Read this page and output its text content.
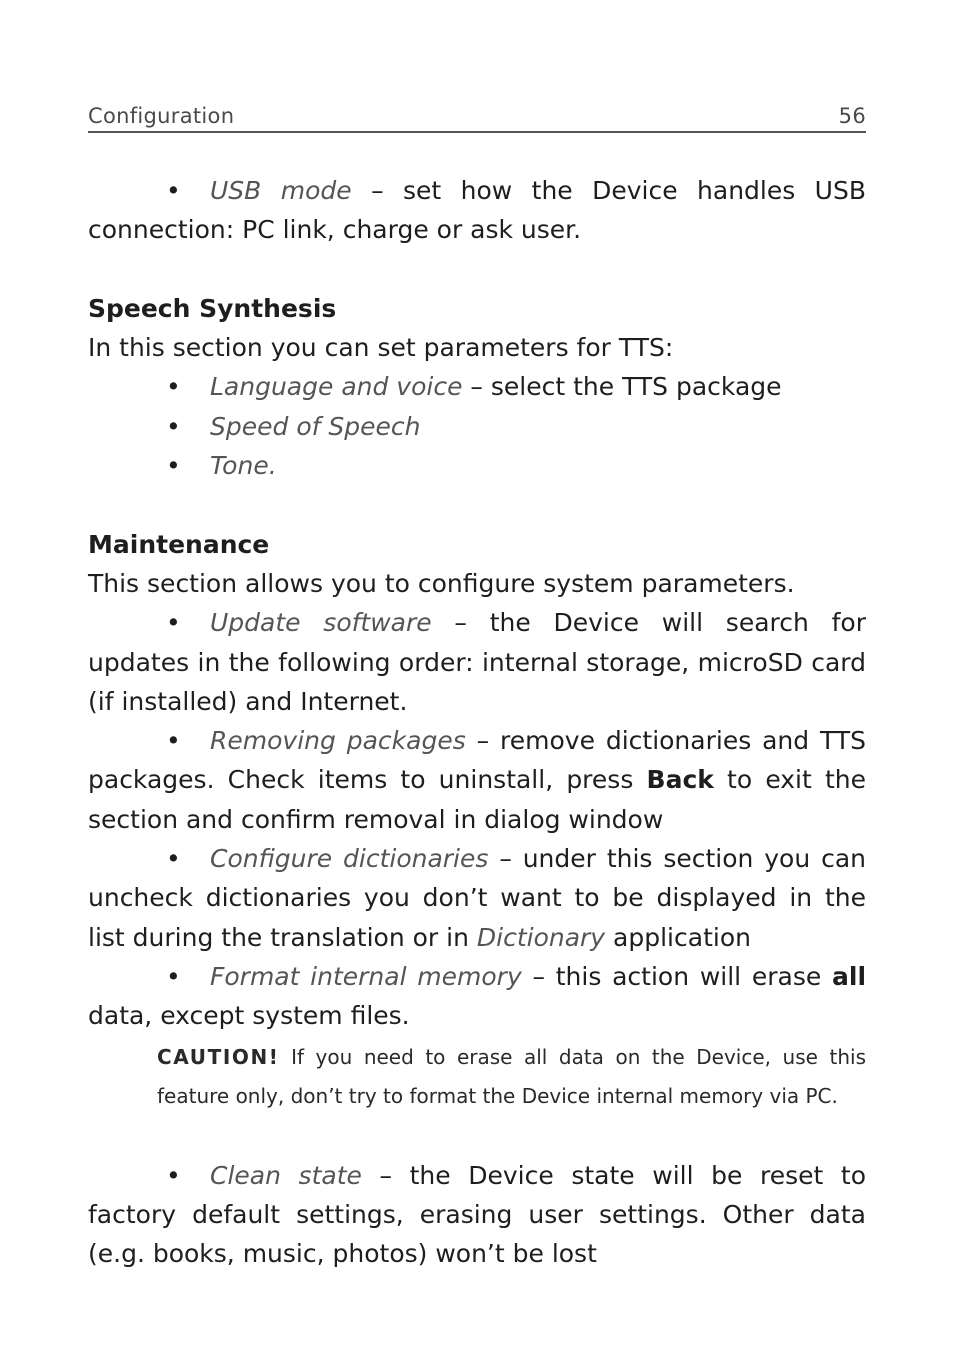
Configuration	56

• USB mode – set how the Device handles USB connection: PC link, charge or ask user.

Speech Synthesis

In this section you can set parameters for TTS:

• Language and voice – select the TTS package

• Speed of Speech

• Tone.

Maintenance

This section allows you to configure system parameters.

• Update software – the Device will search for updates in the following order: internal storage, microSD card (if installed) and Internet.

• Removing packages – remove dictionaries and TTS packages. Check items to uninstall, press Back to exit the section and confirm removal in dialog window

• Configure dictionaries – under this section you can uncheck dictionaries you don’t want to be displayed in the list during the translation or in Dictionary application

• Format internal memory – this action will erase all data, except system files.

CAUTION! If you need to erase all data on the Device, use this feature only, don’t try to format the Device internal memory via PC.

• Clean state – the Device state will be reset to factory default settings, erasing user settings. Other data (e.g. books, music, photos) won’t be lost
